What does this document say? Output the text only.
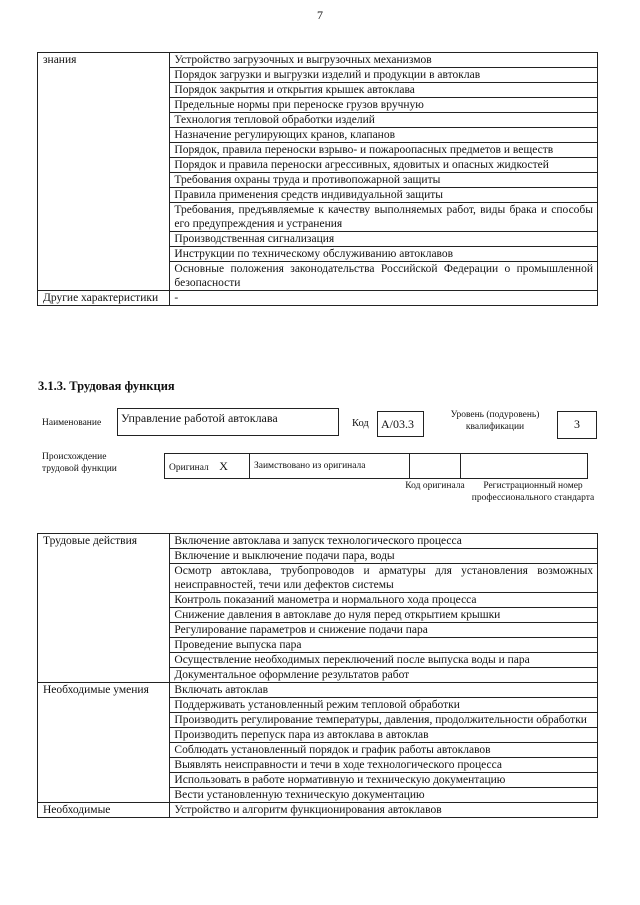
7
знания	Устройство загрузочных и выгрузочных механизмов
	Порядок загрузки и выгрузки изделий и продукции в автоклав
	Порядок закрытия и открытия крышек автоклава
	Предельные нормы при переноске грузов вручную
	Технология тепловой обработки изделий
	Назначение регулирующих кранов, клапанов
	Порядок, правила переноски взрыво- и пожароопасных предметов и веществ
	Порядок и правила переноски агрессивных, ядовитых и опасных жидкостей
	Требования охраны труда и противопожарной защиты
	Правила применения средств индивидуальной защиты
	Требования, предъявляемые к качеству выполняемых работ, виды брака и способы его предупреждения и устранения
	Производственная сигнализация
	Инструкции по техническому обслуживанию автоклавов
	Основные положения законодательства Российской Федерации о промышленной безопасности
Другие характеристики	-
3.1.3. Трудовая функция
Наименование Управление работой автоклава	Код А/03.3
Уровень (подуровень) квалификации	3
Происхождение трудовой функции	Оригинал X	Заимствовано из оригинала		
Код оригинала	Регистрационный номер профессионального стандарта
Трудовые действия	Включение автоклава и запуск технологического процесса
	Включение и выключение подачи пара, воды
	Осмотр автоклава, трубопроводов и арматуры для установления возможных неисправностей, течи или дефектов системы
	Контроль показаний манометра и нормального хода процесса
	Снижение давления в автоклаве до нуля перед открытием крышки
	Регулирование параметров и снижение подачи пара
	Проведение выпуска пара
	Осуществление необходимых переключений после выпуска воды и пара
	Документальное оформление результатов работ
Необходимые умения	Включать автоклав
	Поддерживать установленный режим тепловой обработки
	Производить регулирование температуры, давления, продолжительности обработки
	Производить перепуск пара из автоклава в автоклав
	Соблюдать установленный порядок и график работы автоклавов
	Выявлять неисправности и течи в ходе технологического процесса
	Использовать в работе нормативную и техническую документацию
	Вести установленную техническую документацию
Необходимые	Устройство и алгоритм функционирования автоклавов
